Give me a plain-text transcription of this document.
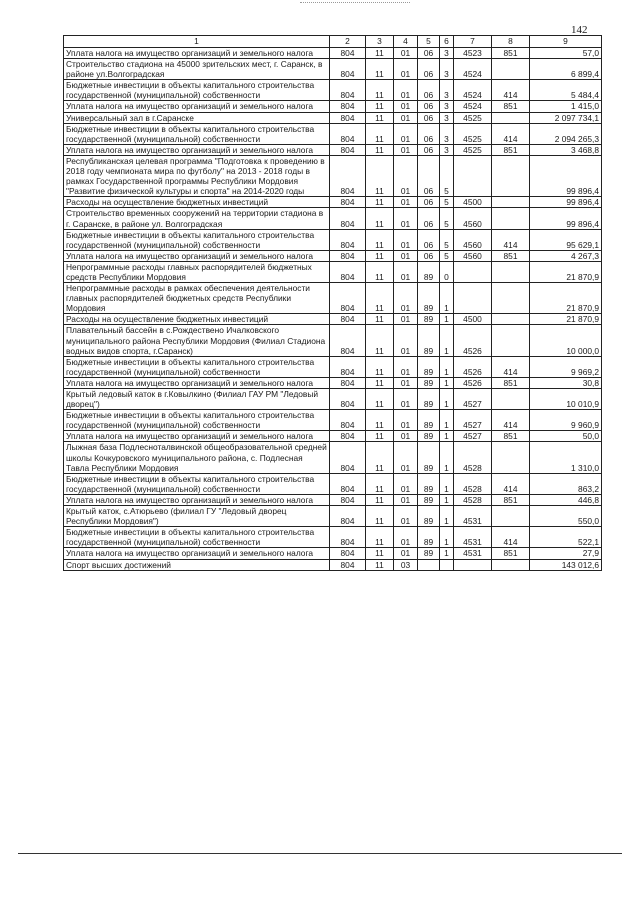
142
1	2	3	4	5	6	7	8	9
Уплата налога на имущество организаций и земельного налога	804	11	01	06	3	4523	851	57,0
Строительство стадиона на 45000 зрительских мест, г. Саранск, в районе ул.Волгоградская	804	11	01	06	3	4524		6 899,4
Бюджетные инвестиции в объекты капитального строительства государственной (муниципальной) собственности	804	11	01	06	3	4524	414	5 484,4
Уплата налога на имущество организаций и земельного налога	804	11	01	06	3	4524	851	1 415,0
Универсальный зал в г.Саранске	804	11	01	06	3	4525		2 097 734,1
Бюджетные инвестиции в объекты капитального строительства государственной (муниципальной) собственности	804	11	01	06	3	4525	414	2 094 265,3
Уплата налога на имущество организаций и земельного налога	804	11	01	06	3	4525	851	3 468,8
Республиканская целевая программа "Подготовка к проведению в 2018 году чемпионата мира по футболу" на 2013 - 2018 годы в рамках Государственной программы Республики Мордовия "Развитие физической культуры и спорта" на 2014-2020 годы	804	11	01	06	5			99 896,4
Расходы на осуществление бюджетных инвестиций	804	11	01	06	5	4500		99 896,4
Строительство временных сооружений на территории стадиона в г. Саранске, в районе ул. Волгоградская	804	11	01	06	5	4560		99 896,4
Бюджетные инвестиции в объекты капитального строительства государственной (муниципальной) собственности	804	11	01	06	5	4560	414	95 629,1
Уплата налога на имущество организаций и земельного налога	804	11	01	06	5	4560	851	4 267,3
Непрограммные расходы главных распорядителей бюджетных средств Республики Мордовия	804	11	01	89	0			21 870,9
Непрограммные расходы в рамках обеспечения деятельности главных распорядителей бюджетных средств Республики Мордовия	804	11	01	89	1			21 870,9
Расходы на осуществление бюджетных инвестиций	804	11	01	89	1	4500		21 870,9
Плавательный бассейн в с.Рождествено Ичалковского муниципального района Республики Мордовия (Филиал Стадиона водных видов спорта, г.Саранск)	804	11	01	89	1	4526		10 000,0
Бюджетные инвестиции в объекты капитального строительства государственной (муниципальной) собственности	804	11	01	89	1	4526	414	9 969,2
Уплата налога на имущество организаций и земельного налога	804	11	01	89	1	4526	851	30,8
Крытый ледовый каток в г.Ковылкино (Филиал ГАУ РМ "Ледовый дворец")	804	11	01	89	1	4527		10 010,9
Бюджетные инвестиции в объекты капитального строительства государственной (муниципальной) собственности	804	11	01	89	1	4527	414	9 960,9
Уплата налога на имущество организаций и земельного налога	804	11	01	89	1	4527	851	50,0
Лыжная база Подлесноталвинской общеобразовательной средней школы Кочкуровского муниципального района, с. Подлесная Тавла Республики Мордовия	804	11	01	89	1	4528		1 310,0
Бюджетные инвестиции в объекты капитального строительства государственной (муниципальной) собственности	804	11	01	89	1	4528	414	863,2
Уплата налога на имущество организаций и земельного налога	804	11	01	89	1	4528	851	446,8
Крытый каток, с.Атюрьево (филиал ГУ "Ледовый дворец Республики Мордовия")	804	11	01	89	1	4531		550,0
Бюджетные инвестиции в объекты капитального строительства государственной (муниципальной) собственности	804	11	01	89	1	4531	414	522,1
Уплата налога на имущество организаций и земельного налога	804	11	01	89	1	4531	851	27,9
Спорт высших достижений	804	11	03					143 012,6
